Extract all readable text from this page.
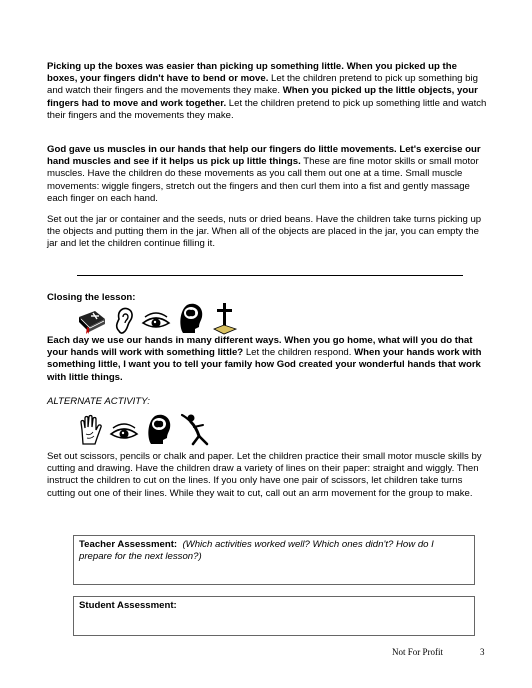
Picking up the boxes was easier than picking up something little. When you picked up the boxes, your fingers didn't have to bend or move. Let the children pretend to pick up something big and watch their fingers and the movements they make. When you picked up the little objects, your fingers had to move and work together. Let the children pretend to pick up something little and watch their fingers and the movements they make.

God gave us muscles in our hands that help our fingers do little movements. Let's exercise our hand muscles and see if it helps us pick up little things. These are fine motor skills or small motor muscles. Have the children do these movements as you call them out one at a time. Small muscle movements: wiggle fingers, stretch out the fingers and then curl them into a fist and gently massage each finger on each hand.

Set out the jar or container and the seeds, nuts or dried beans. Have the children take turns picking up the objects and putting them in the jar. When all of the objects are placed in the jar, you can empty the jar and let the children continue filling it.

Closing the lesson:

Each day we use our hands in many different ways. When you go home, what will you do that your hands will work with something little? Let the children respond. When your hands work with something little, I want you to tell your family how God created your wonderful hands that work with little things.

ALTERNATE ACTIVITY:

Set out scissors, pencils or chalk and paper. Let the children practice their small motor muscle skills by cutting and drawing. Have the children draw a variety of lines on their paper: straight and wiggly. Then instruct the children to cut on the lines. If you only have one pair of scissors, let children take turns cutting out one of their lines. While they wait to cut, call out an arm movement for the group to make.

Teacher Assessment: (Which activities worked well? Which ones didn't? How do I prepare for the next lesson?)
Student Assessment:
Not For Profit	3
